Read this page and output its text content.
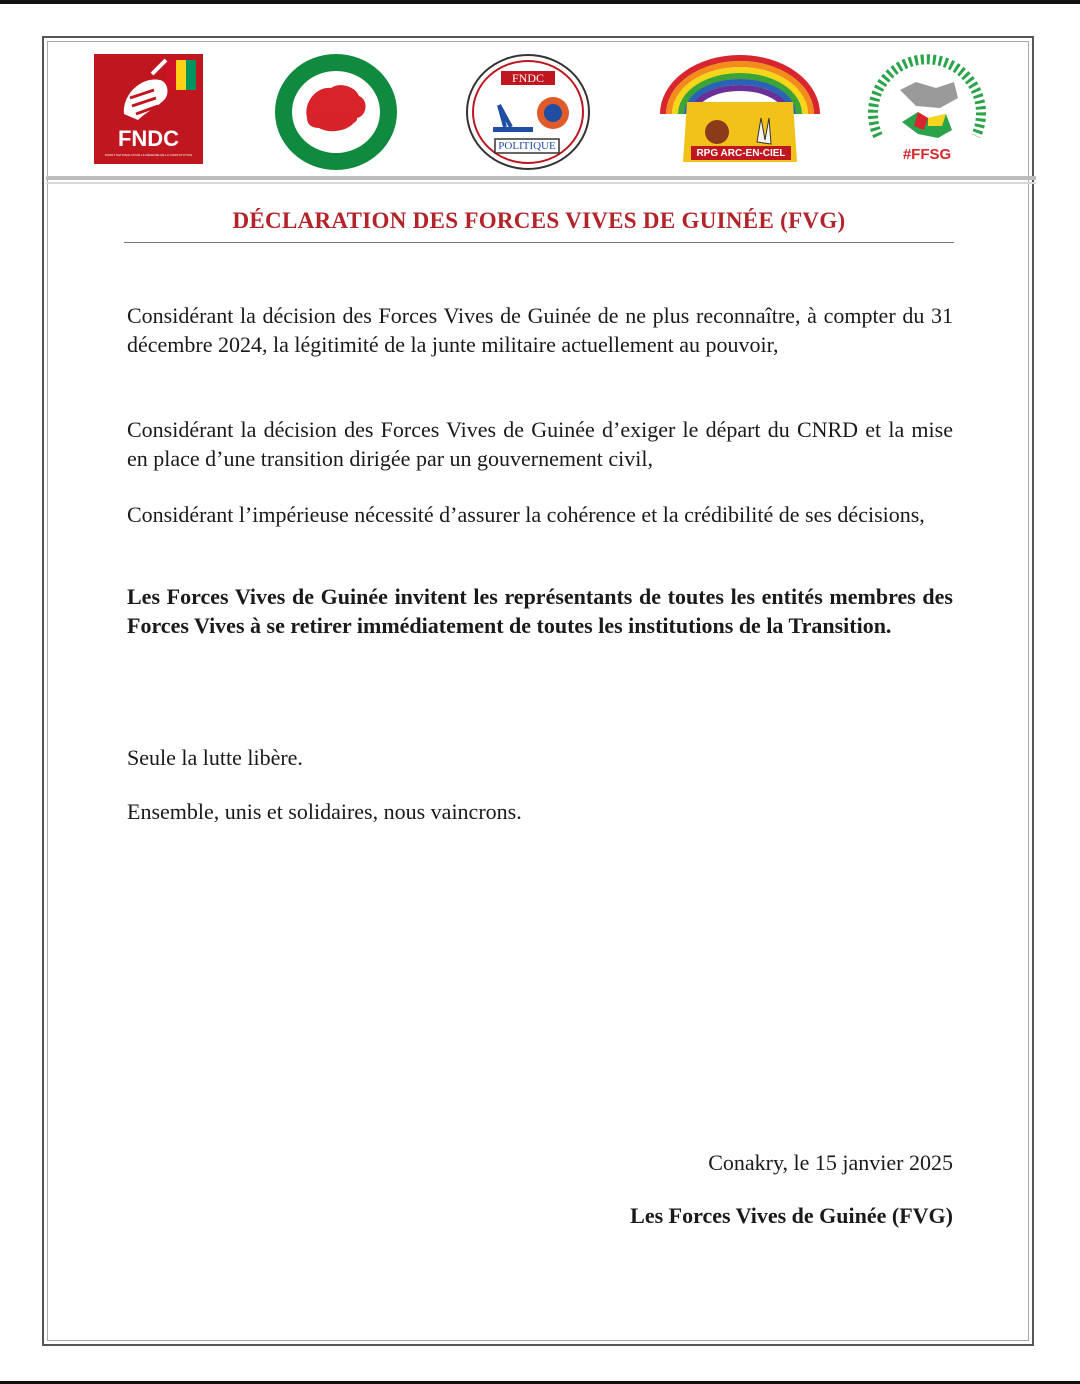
FNDC
FRONT NATIONAL POUR LA DÉFENSE DE LA CONSTITUTION
ANAD
FNDC
POLITIQUE
RPG ARC-EN-CIEL	#FFSG
DÉCLARATION DES FORCES VIVES DE GUINÉE (FVG)

Considérant la décision des Forces Vives de Guinée de ne plus reconnaître, à compter du 31 décembre 2024, la légitimité de la junte militaire actuellement au pouvoir,

Considérant la décision des Forces Vives de Guinée d’exiger le départ du CNRD et la mise en place d’une transition dirigée par un gouvernement civil,

Considérant l’impérieuse nécessité d’assurer la cohérence et la crédibilité de ses décisions,

Les Forces Vives de Guinée invitent les représentants de toutes les entités membres des Forces Vives à se retirer immédiatement de toutes les institutions de la Transition.

Seule la lutte libère.

Ensemble, unis et solidaires, nous vaincrons.

Conakry, le 15 janvier 2025

Les Forces Vives de Guinée (FVG)
